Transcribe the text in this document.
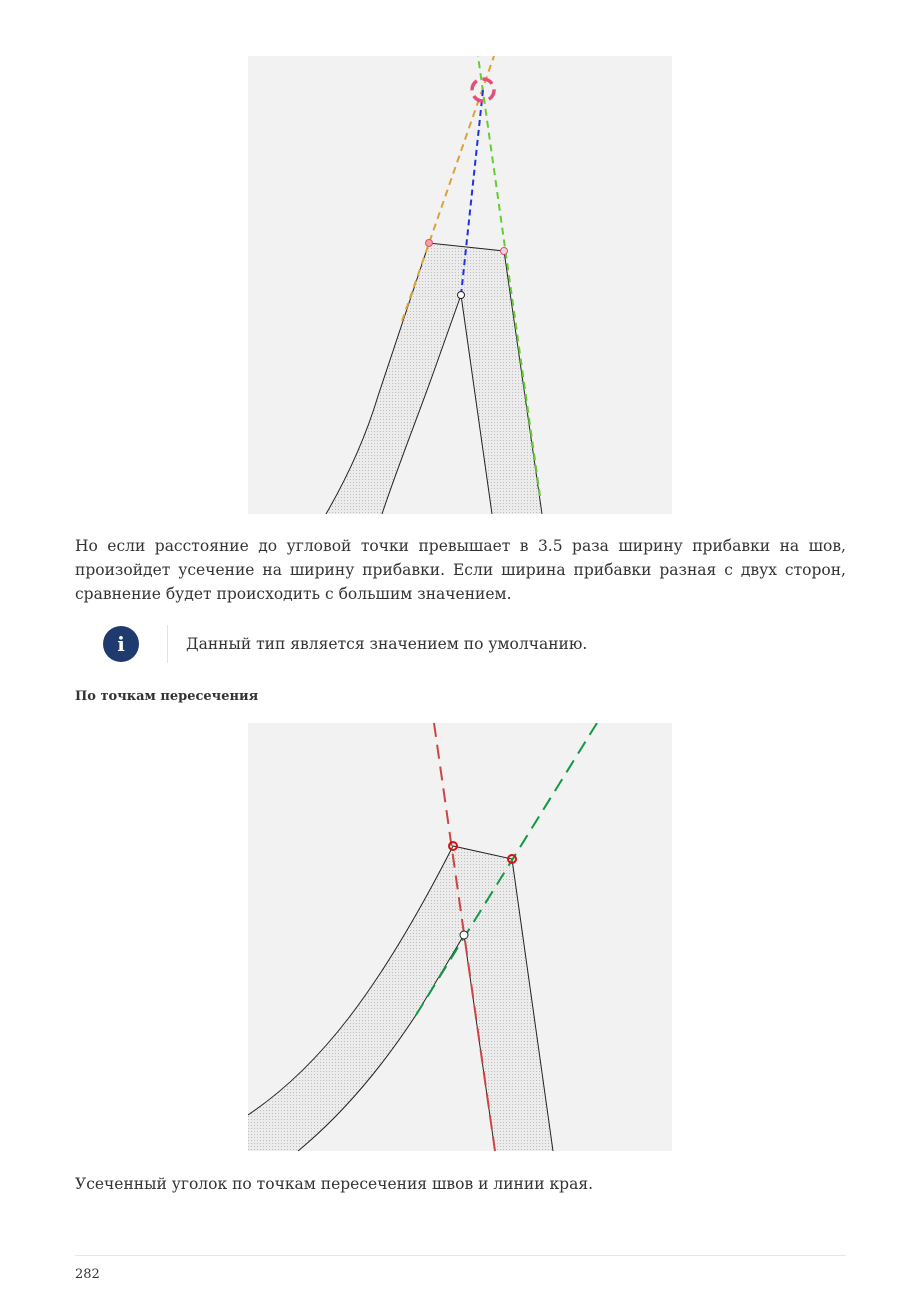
Но если расстояние до угловой точки превышает в 3.5 раза ширину прибавки на шов, произойдет усечение на ширину прибавки. Если ширина прибавки разная с двух сторон, сравнение будет происходить с большим значением.

i	Данный тип является значением по умолчанию.
По точкам пересечения

Усеченный уголок по точкам пересечения швов и линии края.

282
